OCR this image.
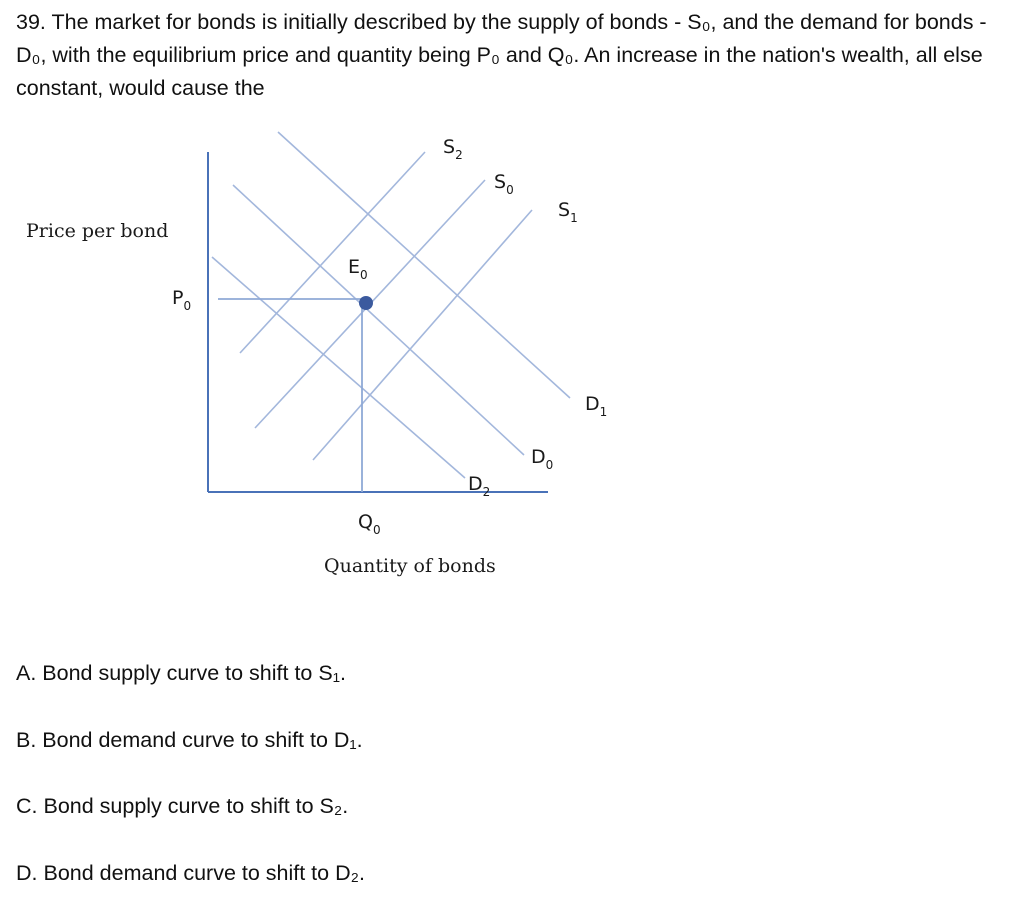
39. The market for bonds is initially described by the supply of bonds - S₀, and the demand for bonds - D₀, with the equilibrium price and quantity being P₀ and Q₀. An increase in the nation's wealth, all else constant, would cause the

Price per bond
Quantity of bonds
$P_0$
$Q_0$
$E_0$
$S_2$
$S_0$
$S_1$
$D_1$
$D_0$
$D_2$
A. Bond supply curve to shift to S₁.
B. Bond demand curve to shift to D₁.
C. Bond supply curve to shift to S₂.
D. Bond demand curve to shift to D₂.
